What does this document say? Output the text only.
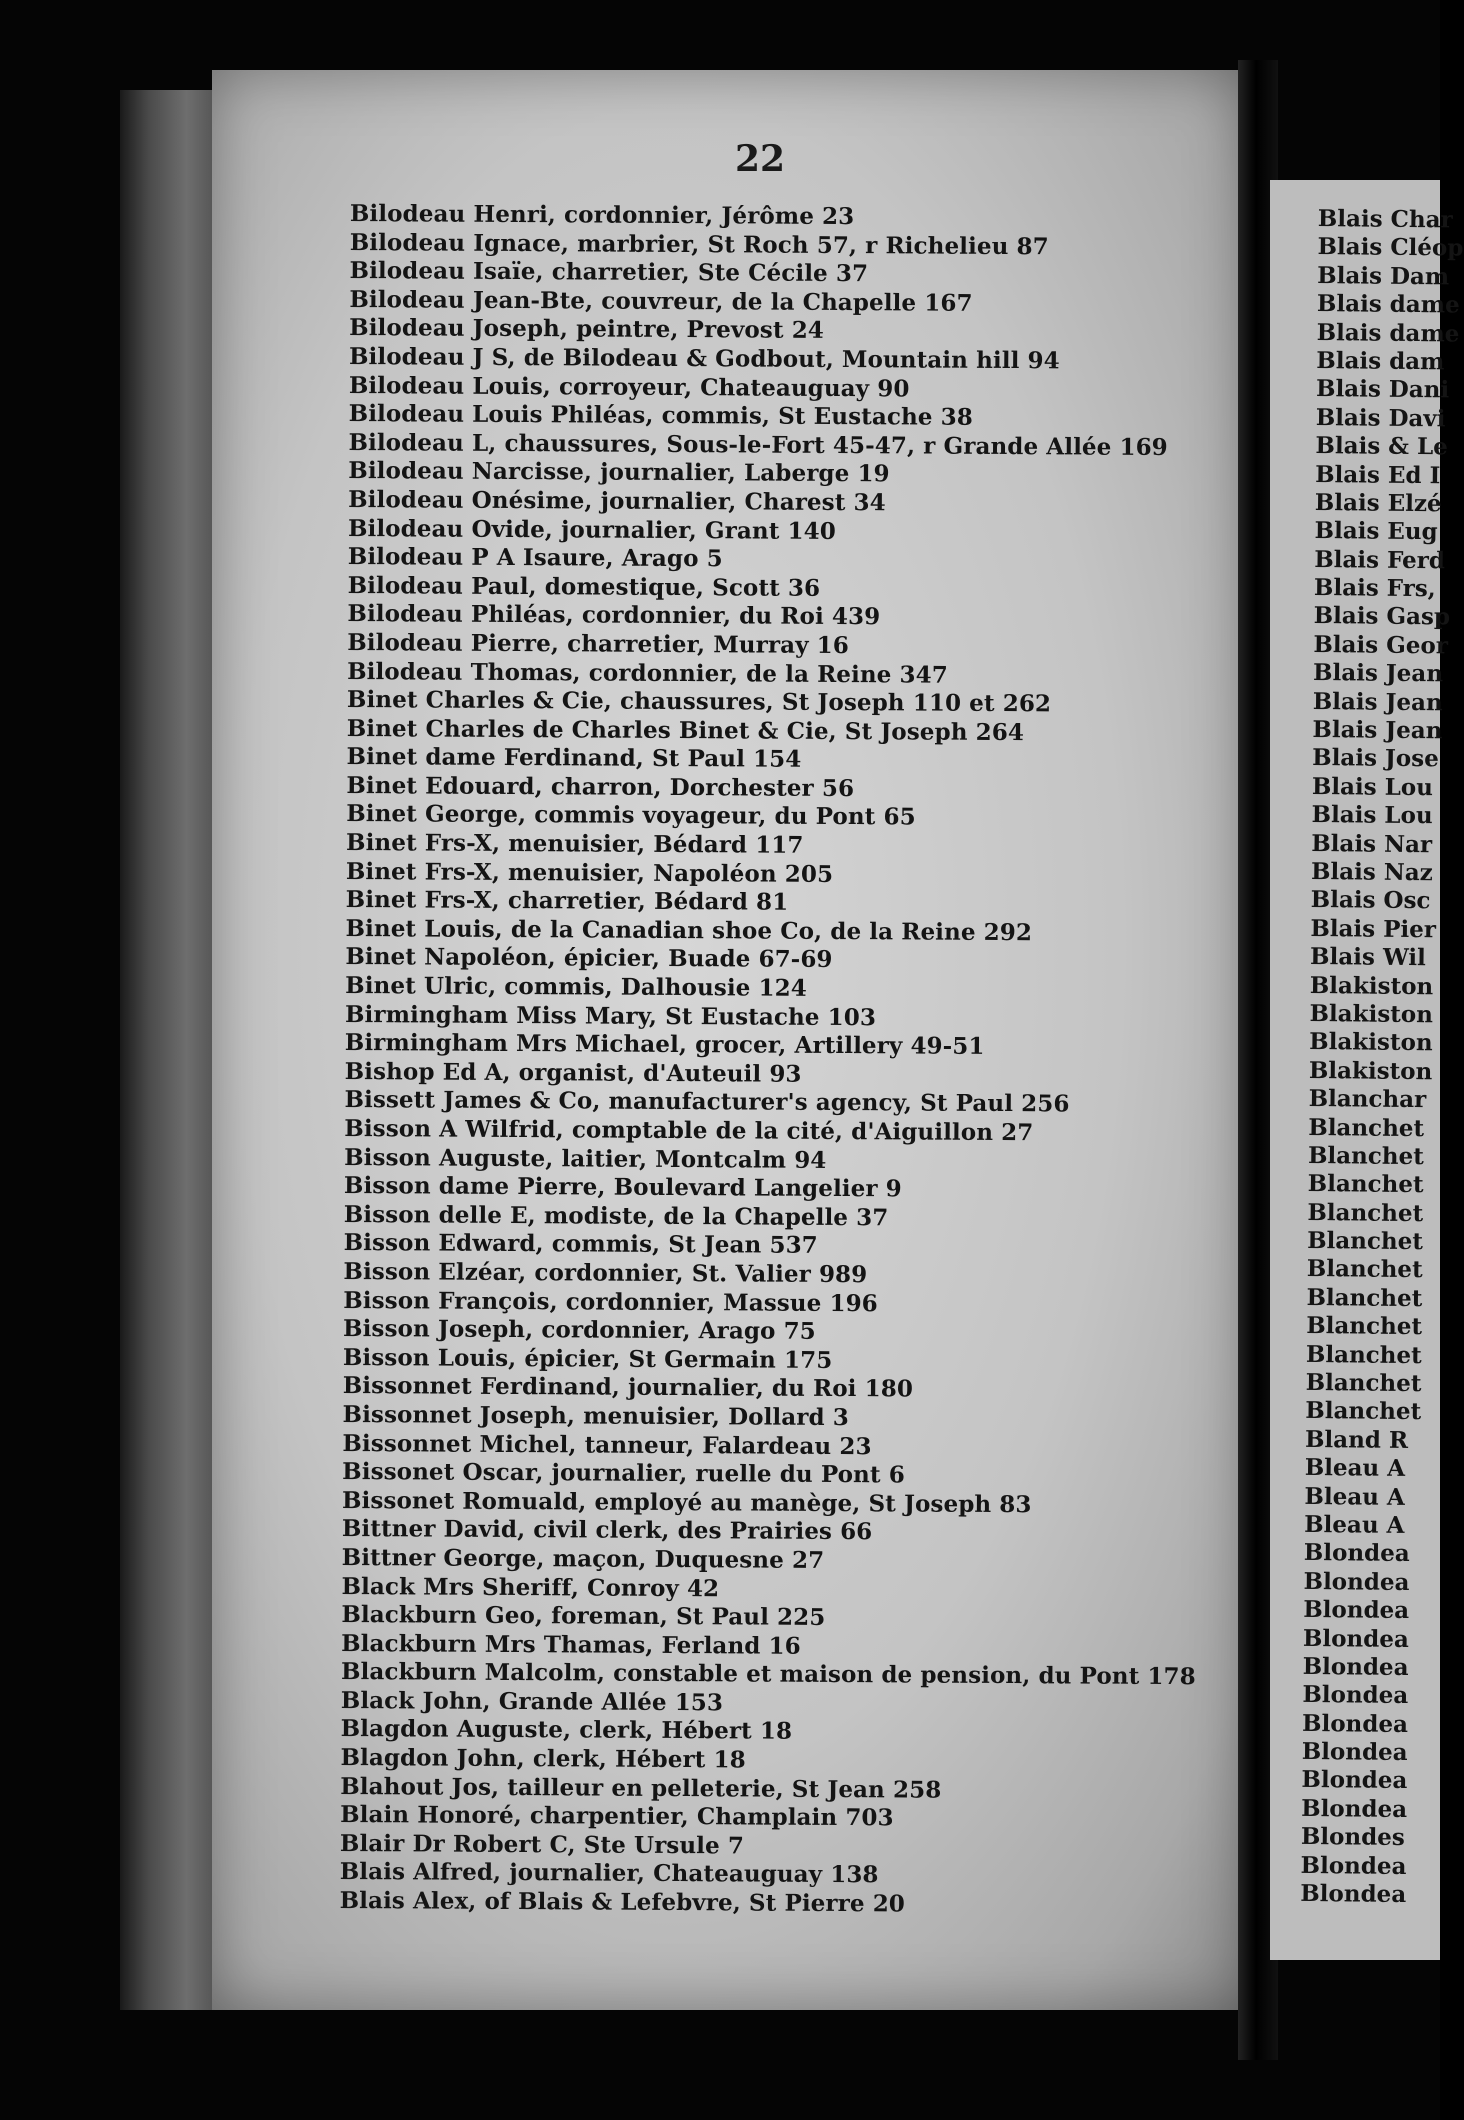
22
Bilodeau Henri, cordonnier, Jérôme 23
Bilodeau Ignace, marbrier, St Roch 57, r Richelieu 87
Bilodeau Isaïe, charretier, Ste Cécile 37
Bilodeau Jean-Bte, couvreur, de la Chapelle 167
Bilodeau Joseph, peintre, Prevost 24
Bilodeau J S, de Bilodeau & Godbout, Mountain hill 94
Bilodeau Louis, corroyeur, Chateauguay 90
Bilodeau Louis Philéas, commis, St Eustache 38
Bilodeau L, chaussures, Sous-le-Fort 45-47, r Grande Allée 169
Bilodeau Narcisse, journalier, Laberge 19
Bilodeau Onésime, journalier, Charest 34
Bilodeau Ovide, journalier, Grant 140
Bilodeau P A Isaure, Arago 5
Bilodeau Paul, domestique, Scott 36
Bilodeau Philéas, cordonnier, du Roi 439
Bilodeau Pierre, charretier, Murray 16
Bilodeau Thomas, cordonnier, de la Reine 347
Binet Charles & Cie, chaussures, St Joseph 110 et 262
Binet Charles de Charles Binet & Cie, St Joseph 264
Binet dame Ferdinand, St Paul 154
Binet Edouard, charron, Dorchester 56
Binet George, commis voyageur, du Pont 65
Binet Frs-X, menuisier, Bédard 117
Binet Frs-X, menuisier, Napoléon 205
Binet Frs-X, charretier, Bédard 81
Binet Louis, de la Canadian shoe Co, de la Reine 292
Binet Napoléon, épicier, Buade 67-69
Binet Ulric, commis, Dalhousie 124
Birmingham Miss Mary, St Eustache 103
Birmingham Mrs Michael, grocer, Artillery 49-51
Bishop Ed A, organist, d'Auteuil 93
Bissett James & Co, manufacturer's agency, St Paul 256
Bisson A Wilfrid, comptable de la cité, d'Aiguillon 27
Bisson Auguste, laitier, Montcalm 94
Bisson dame Pierre, Boulevard Langelier 9
Bisson delle E, modiste, de la Chapelle 37
Bisson Edward, commis, St Jean 537
Bisson Elzéar, cordonnier, St. Valier 989
Bisson François, cordonnier, Massue 196
Bisson Joseph, cordonnier, Arago 75
Bisson Louis, épicier, St Germain 175
Bissonnet Ferdinand, journalier, du Roi 180
Bissonnet Joseph, menuisier, Dollard 3
Bissonnet Michel, tanneur, Falardeau 23
Bissonet Oscar, journalier, ruelle du Pont 6
Bissonet Romuald, employé au manège, St Joseph 83
Bittner David, civil clerk, des Prairies 66
Bittner George, maçon, Duquesne 27
Black Mrs Sheriff, Conroy 42
Blackburn Geo, foreman, St Paul 225
Blackburn Mrs Thamas, Ferland 16
Blackburn Malcolm, constable et maison de pension, du Pont 178
Black John, Grande Allée 153
Blagdon Auguste, clerk, Hébert 18
Blagdon John, clerk, Hébert 18
Blahout Jos, tailleur en pelleterie, St Jean 258
Blain Honoré, charpentier, Champlain 703
Blair Dr Robert C, Ste Ursule 7
Blais Alfred, journalier, Chateauguay 138
Blais Alex, of Blais & Lefebvre, St Pierre 20
Blais Char
Blais Cléop
Blais Dam
Blais dame
Blais dame
Blais dam
Blais Dani
Blais Davi
Blais & Le
Blais Ed I
Blais Elzé
Blais Eug
Blais Ferd
Blais Frs,
Blais Gasp
Blais Geor
Blais Jean
Blais Jean
Blais Jean
Blais Jose
Blais Lou
Blais Lou
Blais Nar
Blais Naz
Blais Osc
Blais Pier
Blais Wil
Blakiston
Blakiston
Blakiston
Blakiston
Blanchar
Blanchet
Blanchet
Blanchet
Blanchet
Blanchet
Blanchet
Blanchet
Blanchet
Blanchet
Blanchet
Blanchet
Bland R
Bleau A
Bleau A
Bleau A
Blondea
Blondea
Blondea
Blondea
Blondea
Blondea
Blondea
Blondea
Blondea
Blondea
Blondes
Blondea
Blondea
